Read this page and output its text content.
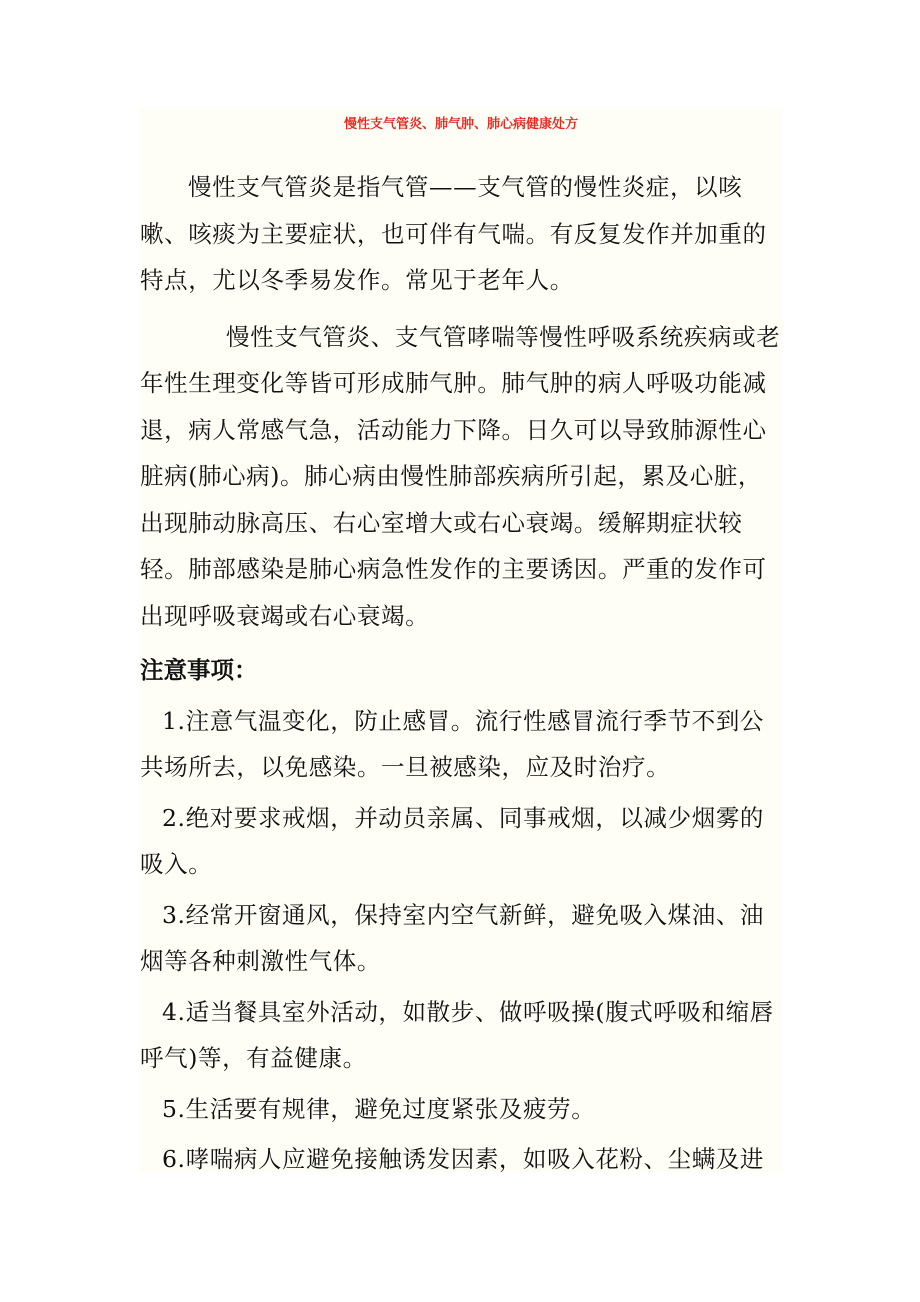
慢性支气管炎、肺气肿、肺心病健康处方

慢性支气管炎是指气管——支气管的慢性炎症，以咳嗽、咳痰为主要症状，也可伴有气喘。有反复发作并加重的特点，尤以冬季易发作。常见于老年人。

慢性支气管炎、支气管哮喘等慢性呼吸系统疾病或老年性生理变化等皆可形成肺气肿。肺气肿的病人呼吸功能减退，病人常感气急，活动能力下降。日久可以导致肺源性心脏病(肺心病)。肺心病由慢性肺部疾病所引起，累及心脏，出现肺动脉高压、右心室增大或右心衰竭。缓解期症状较轻。肺部感染是肺心病急性发作的主要诱因。严重的发作可出现呼吸衰竭或右心衰竭。

注意事项：

1.注意气温变化，防止感冒。流行性感冒流行季节不到公共场所去，以免感染。一旦被感染，应及时治疗。

2.绝对要求戒烟，并动员亲属、同事戒烟，以减少烟雾的吸入。

3.经常开窗通风，保持室内空气新鲜，避免吸入煤油、油烟等各种刺激性气体。

4.适当餐具室外活动，如散步、做呼吸操(腹式呼吸和缩唇呼气)等，有益健康。

5.生活要有规律，避免过度紧张及疲劳。

6.哮喘病人应避免接触诱发因素，如吸入花粉、尘螨及进
